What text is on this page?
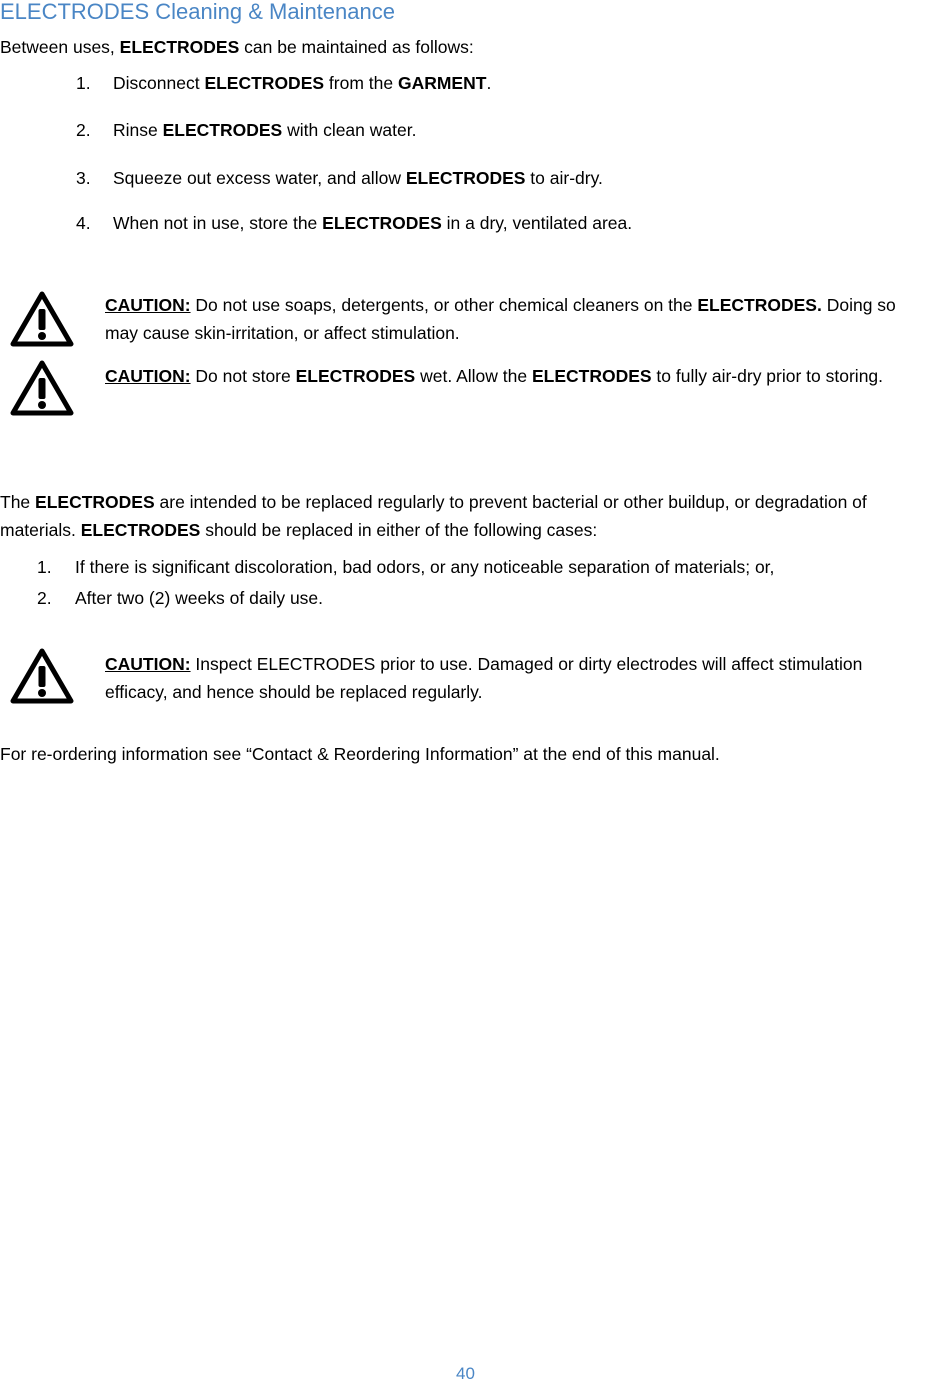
ELECTRODES Cleaning & Maintenance
Between uses, ELECTRODES can be maintained as follows:
1. Disconnect ELECTRODES from the GARMENT.
2. Rinse ELECTRODES with clean water.
3. Squeeze out excess water, and allow ELECTRODES to air-dry.
4. When not in use, store the ELECTRODES in a dry, ventilated area.
CAUTION: Do not use soaps, detergents, or other chemical cleaners on the ELECTRODES. Doing so may cause skin-irritation, or affect stimulation.
CAUTION: Do not store ELECTRODES wet. Allow the ELECTRODES to fully air-dry prior to storing.
The ELECTRODES are intended to be replaced regularly to prevent bacterial or other buildup, or degradation of materials. ELECTRODES should be replaced in either of the following cases:
1. If there is significant discoloration, bad odors, or any noticeable separation of materials; or,
2. After two (2) weeks of daily use.
CAUTION: Inspect ELECTRODES prior to use. Damaged or dirty electrodes will affect stimulation efficacy, and hence should be replaced regularly.
For re-ordering information see “Contact & Reordering Information” at the end of this manual.
40
